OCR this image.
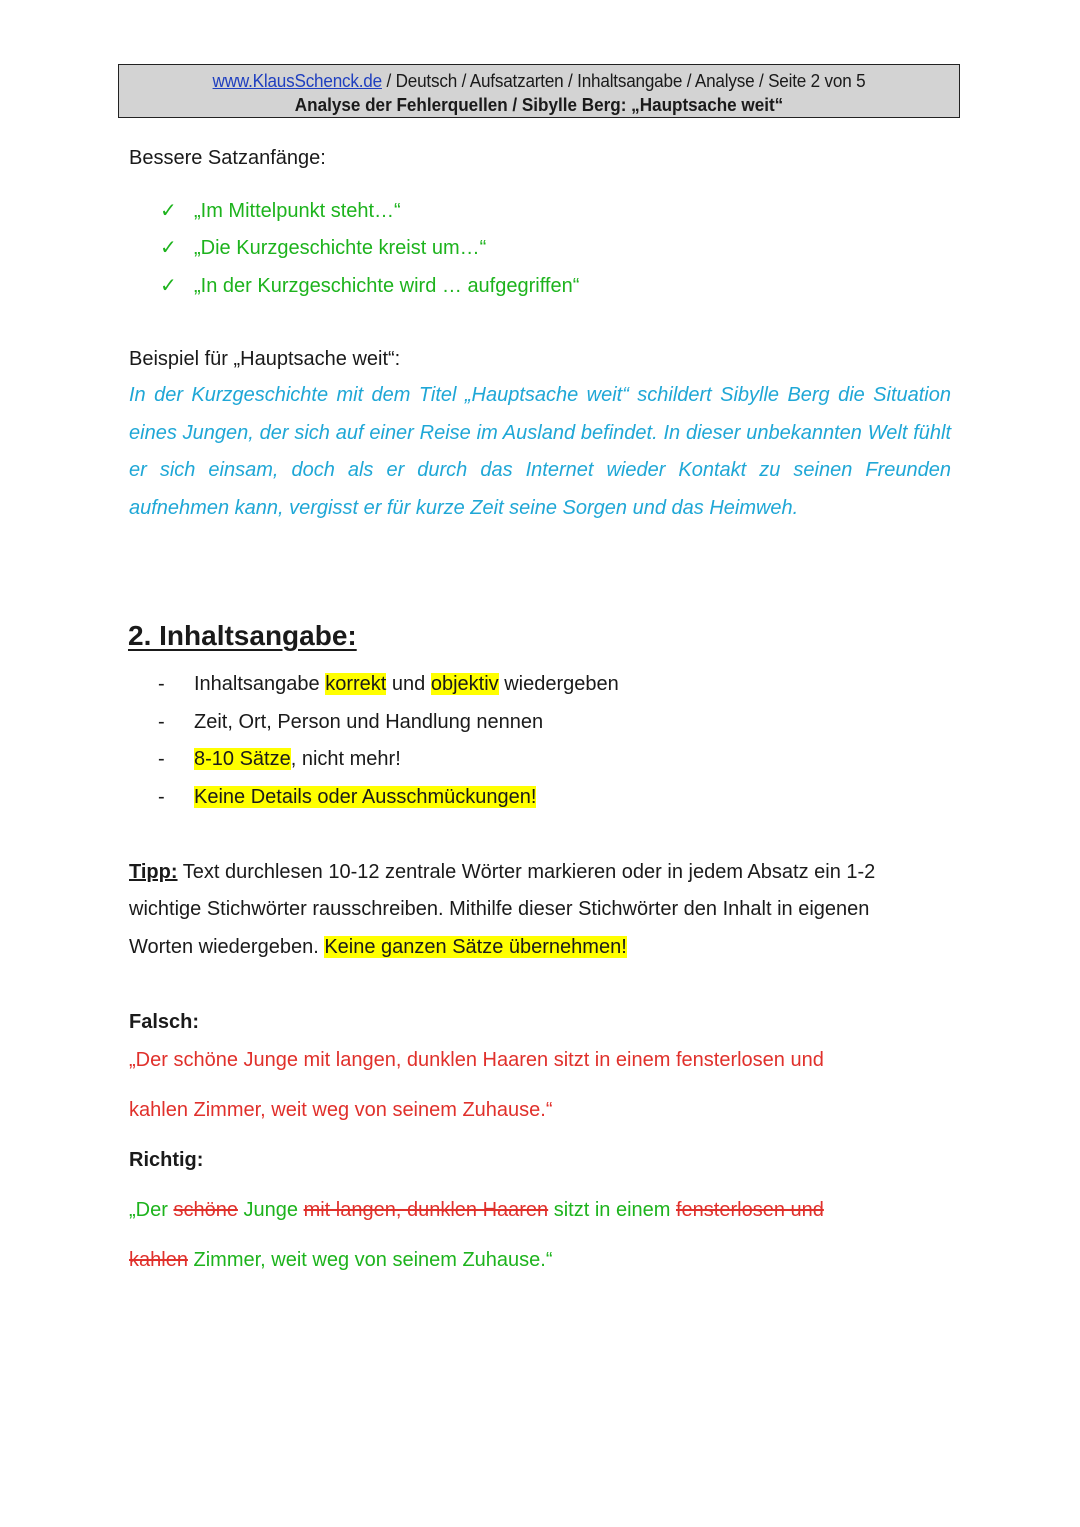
www.KlausSchenck.de / Deutsch / Aufsatzarten / Inhaltsangabe / Analyse / Seite 2 von 5
Analyse der Fehlerquellen / Sibylle Berg: „Hauptsache weit“
Bessere Satzanfänge:
✓ „Im Mittelpunkt steht…“
✓ „Die Kurzgeschichte kreist um…“
✓ „In der Kurzgeschichte wird … aufgegriffen“
Beispiel für „Hauptsache weit“:
In der Kurzgeschichte mit dem Titel „Hauptsache weit“ schildert Sibylle Berg die Situation eines Jungen, der sich auf einer Reise im Ausland befindet. In dieser unbekannten Welt fühlt er sich einsam, doch als er durch das Internet wieder Kontakt zu seinen Freunden aufnehmen kann, vergisst er für kurze Zeit seine Sorgen und das Heimweh.
2. Inhaltsangabe:
- Inhaltsangabe korrekt und objektiv wiedergeben
- Zeit, Ort, Person und Handlung nennen
- 8-10 Sätze, nicht mehr!
- Keine Details oder Ausschmückungen!
Tipp: Text durchlesen 10-12 zentrale Wörter markieren oder in jedem Absatz ein 1-2
wichtige Stichwörter rausschreiben. Mithilfe dieser Stichwörter den Inhalt in eigenen
Worten wiedergeben. Keine ganzen Sätze übernehmen!
Falsch:
„Der schöne Junge mit langen, dunklen Haaren sitzt in einem fensterlosen und
kahlen Zimmer, weit weg von seinem Zuhause.“
Richtig:
„Der schöne Junge mit langen, dunklen Haaren sitzt in einem fensterlosen und
kahlen Zimmer, weit weg von seinem Zuhause.“
